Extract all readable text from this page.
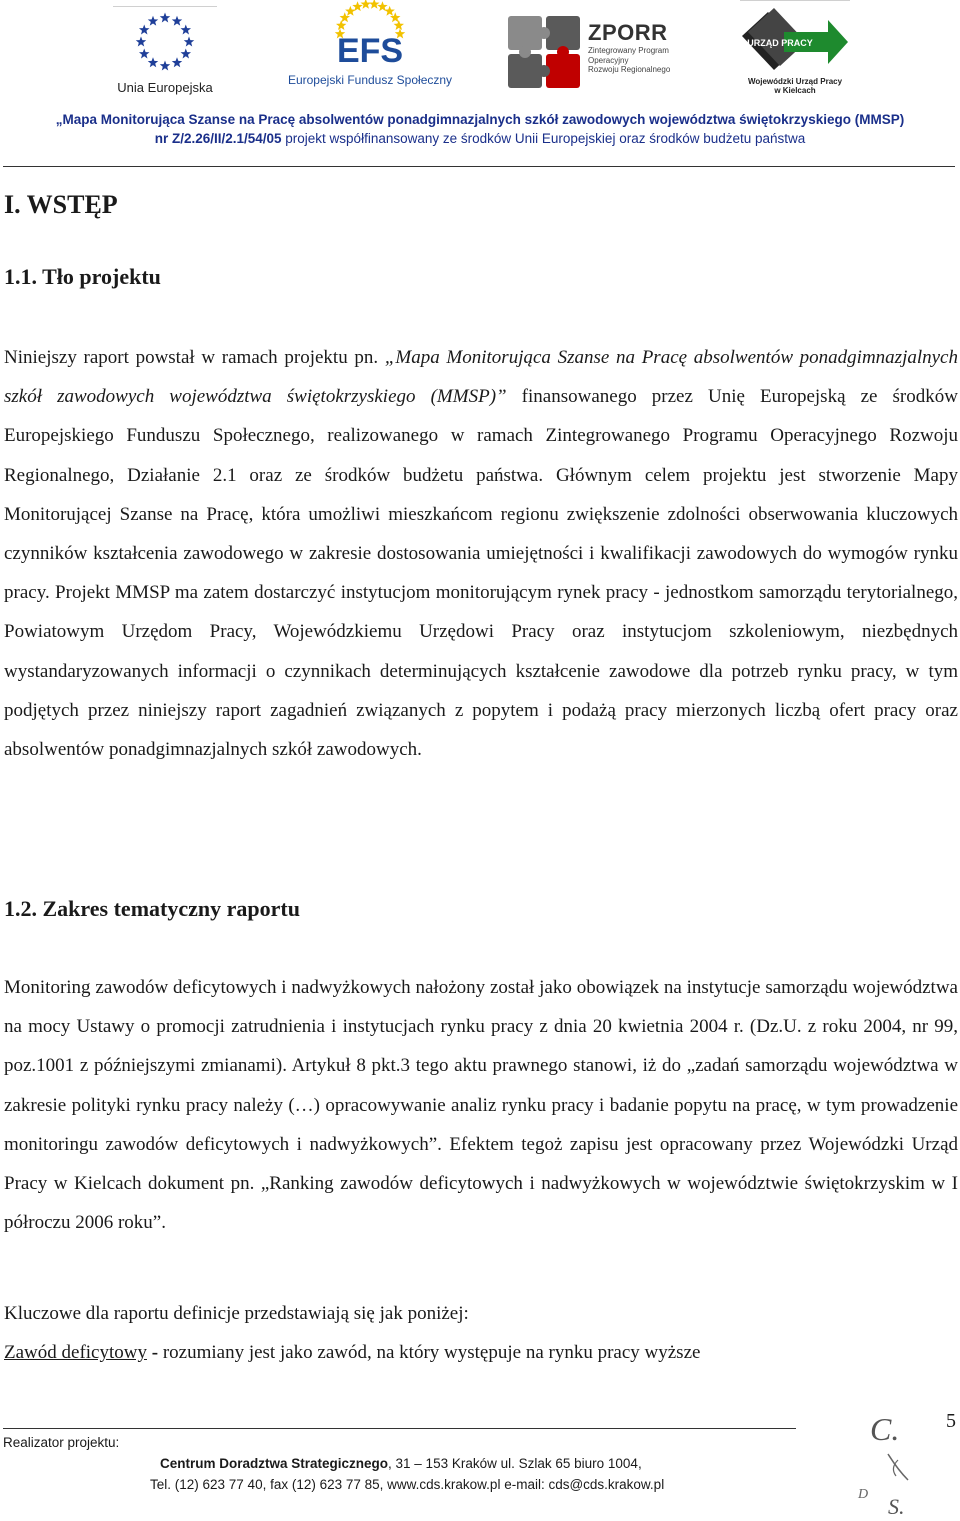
Unia Europejska
EFS
Europejski Fundusz Społeczny
ZPORR
Zintegrowany Program
Operacyjny
Rozwoju Regionalnego
URZĄD PRACY
Wojewódzki Urząd Pracy
w Kielcach
„Mapa Monitorująca Szanse na Pracę absolwentów ponadgimnazjalnych szkół zawodowych województwa świętokrzyskiego (MMSP)
nr Z/2.26/II/2.1/54/05 projekt współfinansowany ze środków Unii Europejskiej oraz środków budżetu państwa
I. WSTĘP
1.1. Tło projektu

Niniejszy raport powstał w ramach projektu pn. „Mapa Monitorująca Szanse na Pracę absolwentów ponadgimnazjalnych szkół zawodowych województwa świętokrzyskiego (MMSP)” finansowanego przez Unię Europejską ze środków Europejskiego Funduszu Społecznego, realizowanego w ramach Zintegrowanego Programu Operacyjnego Rozwoju Regionalnego, Działanie 2.1 oraz ze środków budżetu państwa. Głównym celem projektu jest stworzenie Mapy Monitorującej Szanse na Pracę, która umożliwi mieszkańcom regionu zwiększenie zdolności obserwowania kluczowych czynników kształcenia zawodowego w zakresie dostosowania umiejętności i kwalifikacji zawodowych do wymogów rynku pracy. Projekt MMSP ma zatem dostarczyć instytucjom monitorującym rynek pracy - jednostkom samorządu terytorialnego, Powiatowym Urzędom Pracy, Wojewódzkiemu Urzędowi Pracy oraz instytucjom szkoleniowym, niezbędnych wystandaryzowanych informacji o czynnikach determinujących kształcenie zawodowe dla potrzeb rynku pracy, w tym podjętych przez niniejszy raport zagadnień związanych z popytem i podażą pracy mierzonych liczbą ofert pracy oraz absolwentów ponadgimnazjalnych szkół zawodowych.

1.2. Zakres tematyczny raportu

Monitoring zawodów deficytowych i nadwyżkowych nałożony został jako obowiązek na instytucje samorządu województwa na mocy Ustawy o promocji zatrudnienia i instytucjach rynku pracy z dnia 20 kwietnia 2004 r. (Dz.U. z roku 2004, nr 99, poz.1001 z późniejszymi zmianami). Artykuł 8 pkt.3 tego aktu prawnego stanowi, iż do „zadań samorządu województwa w zakresie polityki rynku pracy należy (…) opracowywanie analiz rynku pracy i badanie popytu na pracę, w tym prowadzenie monitoringu zawodów deficytowych i nadwyżkowych”. Efektem tegoż zapisu jest opracowany przez Wojewódzki Urząd Pracy w Kielcach dokument pn. „Ranking zawodów deficytowych i nadwyżkowych w województwie świętokrzyskim w I półroczu 2006 roku”.

Kluczowe dla raportu definicje przedstawiają się jak poniżej:

Zawód deficytowy - rozumiany jest jako zawód, na który występuje na rynku pracy wyższe

5
Realizator projektu:
Centrum Doradztwa Strategicznego, 31 – 153 Kraków ul. Szlak 65 biuro 1004,
Tel. (12) 623 77 40, fax (12) 623 77 85, www.cds.krakow.pl e-mail: cds@cds.krakow.pl
C.
D S.
